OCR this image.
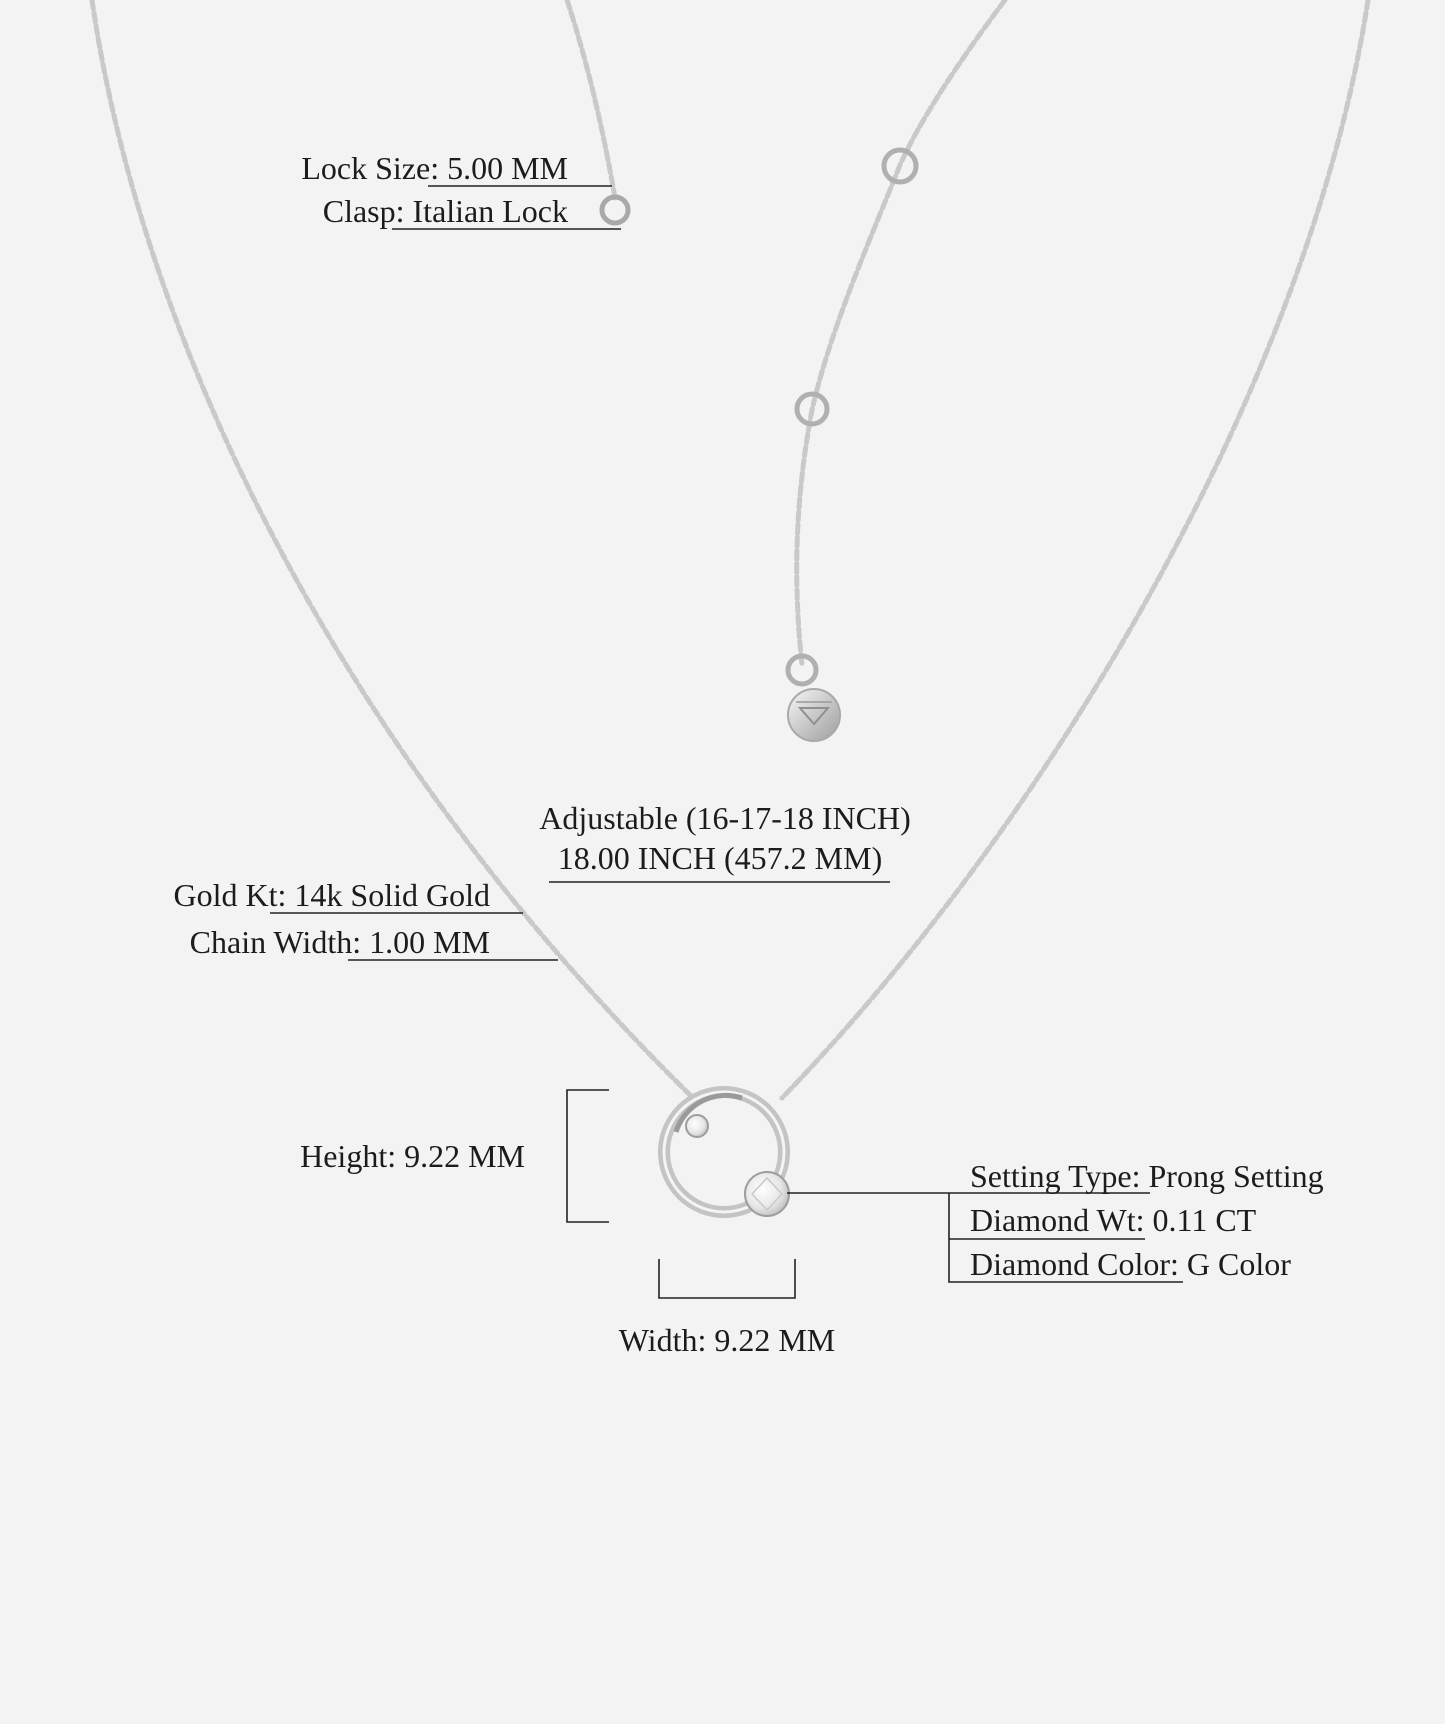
Lock Size: 5.00 MM
Clasp: Italian Lock
Adjustable (16-17-18 INCH)
18.00 INCH (457.2 MM)
Gold Kt: 14k Solid Gold
Chain Width: 1.00 MM
Height: 9.22 MM
Width: 9.22 MM
Setting Type: Prong Setting
Diamond Wt: 0.11 CT
Diamond Color: G Color
